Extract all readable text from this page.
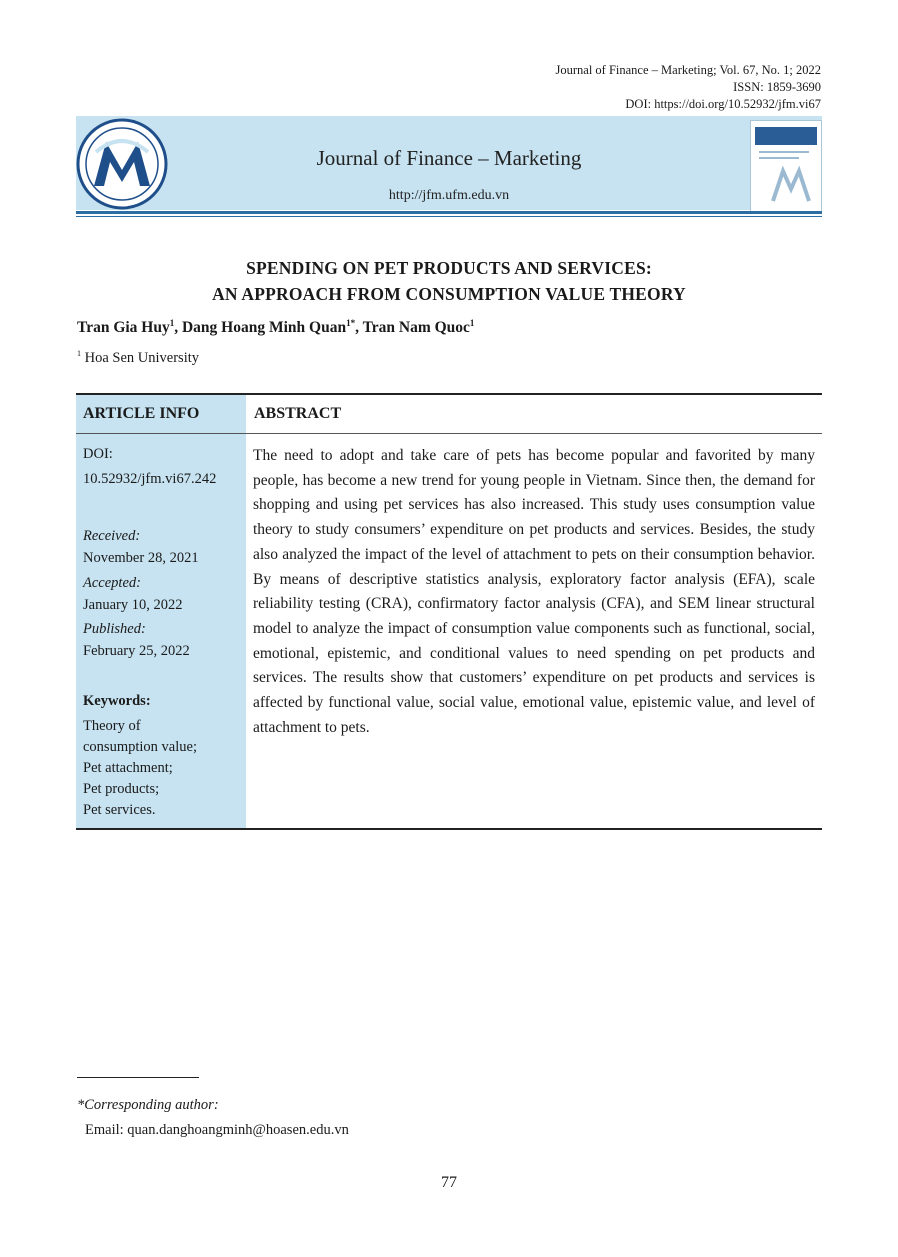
Journal of Finance – Marketing; Vol. 67, No. 1; 2022
ISSN: 1859-3690
DOI: https://doi.org/10.52932/jfm.vi67
Journal of Finance – Marketing
http://jfm.ufm.edu.vn
SPENDING ON PET PRODUCTS AND SERVICES:
AN APPROACH FROM CONSUMPTION VALUE THEORY
Tran Gia Huy$^1$, Dang Hoang Minh Quan$^{1*}$, Tran Nam Quoc$^1$
$^1$ Hoa Sen University
ARTICLE INFO	ABSTRACT
DOI:
10.52932/jfm.vi67.242
Received:
November 28, 2021
Accepted:
January 10, 2022
Published:
February 25, 2022
Keywords:
Theory of
consumption value;
Pet attachment;
Pet products;
Pet services.
The need to adopt and take care of pets has become popular and favorited by many people, has become a new trend for young people in Vietnam. Since then, the demand for shopping and using pet services has also increased. This study uses consumption value theory to study consumers’ expenditure on pet products and services. Besides, the study also analyzed the impact of the level of attachment to pets on their consumption behavior. By means of descriptive statistics analysis, exploratory factor analysis (EFA), scale reliability testing (CRA), confirmatory factor analysis (CFA), and SEM linear structural model to analyze the impact of consumption value components such as functional, social, emotional, epistemic, and conditional values to need spending on pet products and services. The results show that customers’ expenditure on pet products and services is affected by functional value, social value, emotional value, epistemic value, and level of attachment to pets.
*Corresponding author:
Email: quan.danghoangminh@hoasen.edu.vn
77
